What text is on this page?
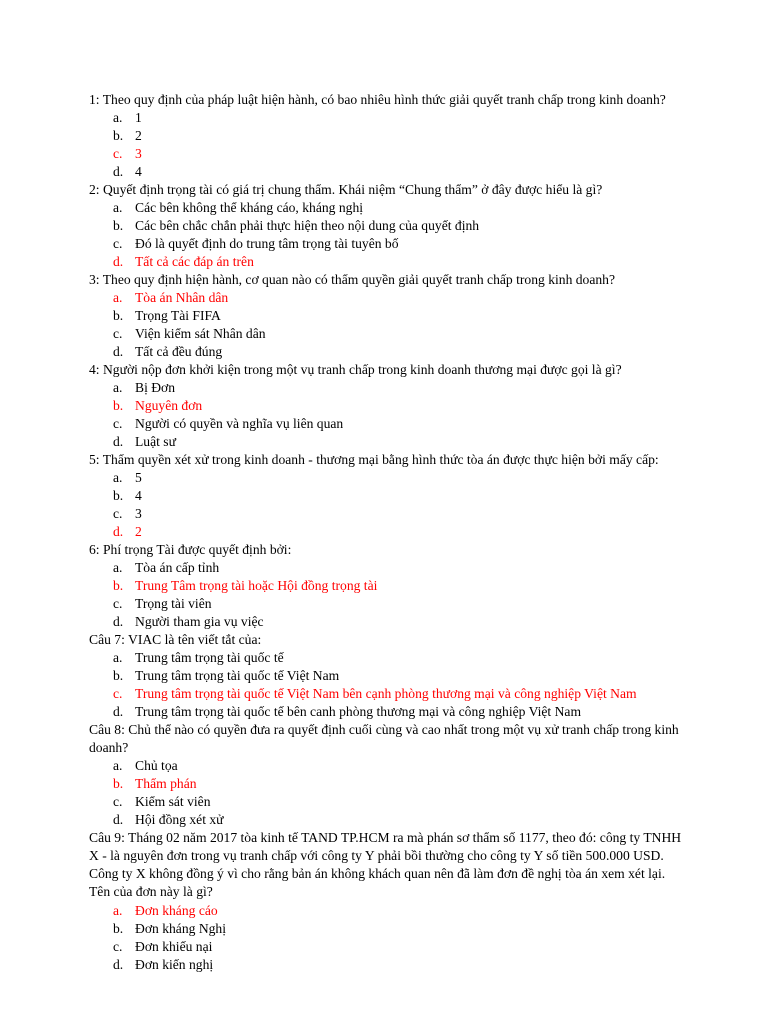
1: Theo quy định của pháp luật hiện hành, có bao nhiêu hình thức giải quyết tranh chấp trong kinh doanh?

a. 1
b. 2
c. 3
d. 4

2: Quyết định trọng tài có giá trị chung thẩm. Khái niệm “Chung thẩm” ở đây được hiểu là gì?

a. Các bên không thể kháng cáo, kháng nghị
b. Các bên chắc chắn phải thực hiện theo nội dung của quyết định
c. Đó là quyết định do trung tâm trọng tài tuyên bố
d. Tất cả các đáp án trên

3: Theo quy định hiện hành, cơ quan nào có thẩm quyền giải quyết tranh chấp trong kinh doanh?

a. Tòa án Nhân dân
b. Trọng Tài FIFA
c. Viện kiểm sát Nhân dân
d. Tất cả đều đúng

4: Người nộp đơn khởi kiện trong một vụ tranh chấp trong kinh doanh thương mại được gọi là gì?

a. Bị Đơn
b. Nguyên đơn
c. Người có quyền và nghĩa vụ liên quan
d. Luật sư

5: Thẩm quyền xét xử trong kinh doanh - thương mại bằng hình thức tòa án được thực hiện bởi mấy cấp:

a. 5
b. 4
c. 3
d. 2

6: Phí trọng Tài được quyết định bởi:

a. Tòa án cấp tỉnh
b. Trung Tâm trọng tài hoặc Hội đồng trọng tài
c. Trọng tài viên
d. Người tham gia vụ việc

Câu 7: VIAC là tên viết tắt của:

a. Trung tâm trọng tài quốc tế
b. Trung tâm trọng tài quốc tế Việt Nam
c. Trung tâm trọng tài quốc tế Việt Nam bên cạnh phòng thương mại và công nghiệp Việt Nam
d. Trung tâm trọng tài quốc tế bên canh phòng thương mại và công nghiệp Việt Nam

Câu 8: Chủ thể nào có quyền đưa ra quyết định cuối cùng và cao nhất trong một vụ xử tranh chấp trong kinh doanh?

a. Chủ tọa
b. Thẩm phán
c. Kiểm sát viên
d. Hội đồng xét xử

Câu 9: Tháng 02 năm 2017 tòa kinh tế TAND TP.HCM ra mà phán sơ thẩm số 1177, theo đó: công ty TNHH X - là nguyên đơn trong vụ tranh chấp với công ty Y phải bồi thường cho công ty Y số tiền 500.000 USD. Công ty X không đồng ý vì cho rằng bản án không khách quan nên đã làm đơn đề nghị tòa án xem xét lại. Tên của đơn này là gì?

a. Đơn kháng cáo
b. Đơn kháng Nghị
c. Đơn khiếu nại
d. Đơn kiến nghị
